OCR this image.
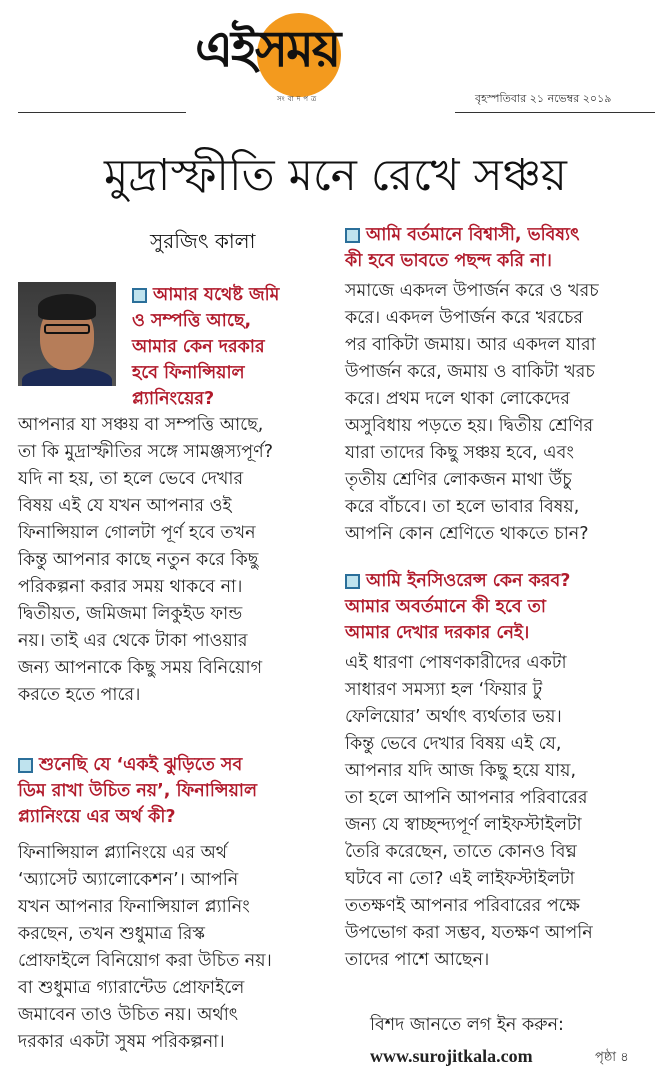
এইসময়
সংবাদপত্র	বৃহস্পতিবার ২১ নভেম্বর ২০১৯
মুদ্রাস্ফীতি মনে রেখে সঞ্চয়
সুরজিৎ কালা
আমার যথেষ্ট জমি
ও সম্পত্তি আছে,
আমার কেন দরকার
হবে ফিনান্সিয়াল
প্ল্যানিংয়ের?
আপনার যা সঞ্চয় বা সম্পত্তি আছে,
তা কি মুদ্রাস্ফীতির সঙ্গে সামঞ্জস্যপূর্ণ?
যদি না হয়, তা হলে ভেবে দেখার
বিষয় এই যে যখন আপনার ওই
ফিনান্সিয়াল গোলটা পূর্ণ হবে তখন
কিন্তু আপনার কাছে নতুন করে কিছু
পরিকল্পনা করার সময় থাকবে না।
দ্বিতীয়ত, জমিজমা লিকুইড ফান্ড
নয়। তাই এর থেকে টাকা পাওয়ার
জন্য আপনাকে কিছু সময় বিনিয়োগ
করতে হতে পারে।
শুনেছি যে ‘একই ঝুড়িতে সব
ডিম রাখা উচিত নয়’, ফিনান্সিয়াল
প্ল্যানিংয়ে এর অর্থ কী?
ফিনান্সিয়াল প্ল্যানিংয়ে এর অর্থ
‘অ্যাসেট অ্যালোকেশন’। আপনি
যখন আপনার ফিনান্সিয়াল প্ল্যানিং
করছেন, তখন শুধুমাত্র রিস্ক
প্রোফাইলে বিনিয়োগ করা উচিত নয়।
বা শুধুমাত্র গ্যারান্টেড প্রোফাইলে
জমাবেন তাও উচিত নয়। অর্থাৎ
দরকার একটা সুষম পরিকল্পনা।
আমি বর্তমানে বিশ্বাসী, ভবিষ্যৎ
কী হবে ভাবতে পছন্দ করি না।
সমাজে একদল উপার্জন করে ও খরচ
করে। একদল উপার্জন করে খরচের
পর বাকিটা জমায়। আর একদল যারা
উপার্জন করে, জমায় ও বাকিটা খরচ
করে। প্রথম দলে থাকা লোকেদের
অসুবিধায় পড়তে হয়। দ্বিতীয় শ্রেণির
যারা তাদের কিছু সঞ্চয় হবে, এবং
তৃতীয় শ্রেণির লোকজন মাথা উঁচু
করে বাঁচবে। তা হলে ভাবার বিষয়,
আপনি কোন শ্রেণিতে থাকতে চান?
আমি ইনসিওরেন্স কেন করব?
আমার অবর্তমানে কী হবে তা
আমার দেখার দরকার নেই।
এই ধারণা পোষণকারীদের একটা
সাধারণ সমস্যা হল ‘ফিয়ার টু
ফেলিয়োর’ অর্থাৎ ব্যর্থতার ভয়।
কিন্তু ভেবে দেখার বিষয় এই যে,
আপনার যদি আজ কিছু হয়ে যায়,
তা হলে আপনি আপনার পরিবারের
জন্য যে স্বাচ্ছন্দ্যপূর্ণ লাইফস্টাইলটা
তৈরি করেছেন, তাতে কোনও বিঘ্ন
ঘটবে না তো? এই লাইফস্টাইলটা
ততক্ষণই আপনার পরিবারের পক্ষে
উপভোগ করা সম্ভব, যতক্ষণ আপনি
তাদের পাশে আছেন।
বিশদ জানতে লগ ইন করুন:
www.surojitkala.com	পৃষ্ঠা ৪
